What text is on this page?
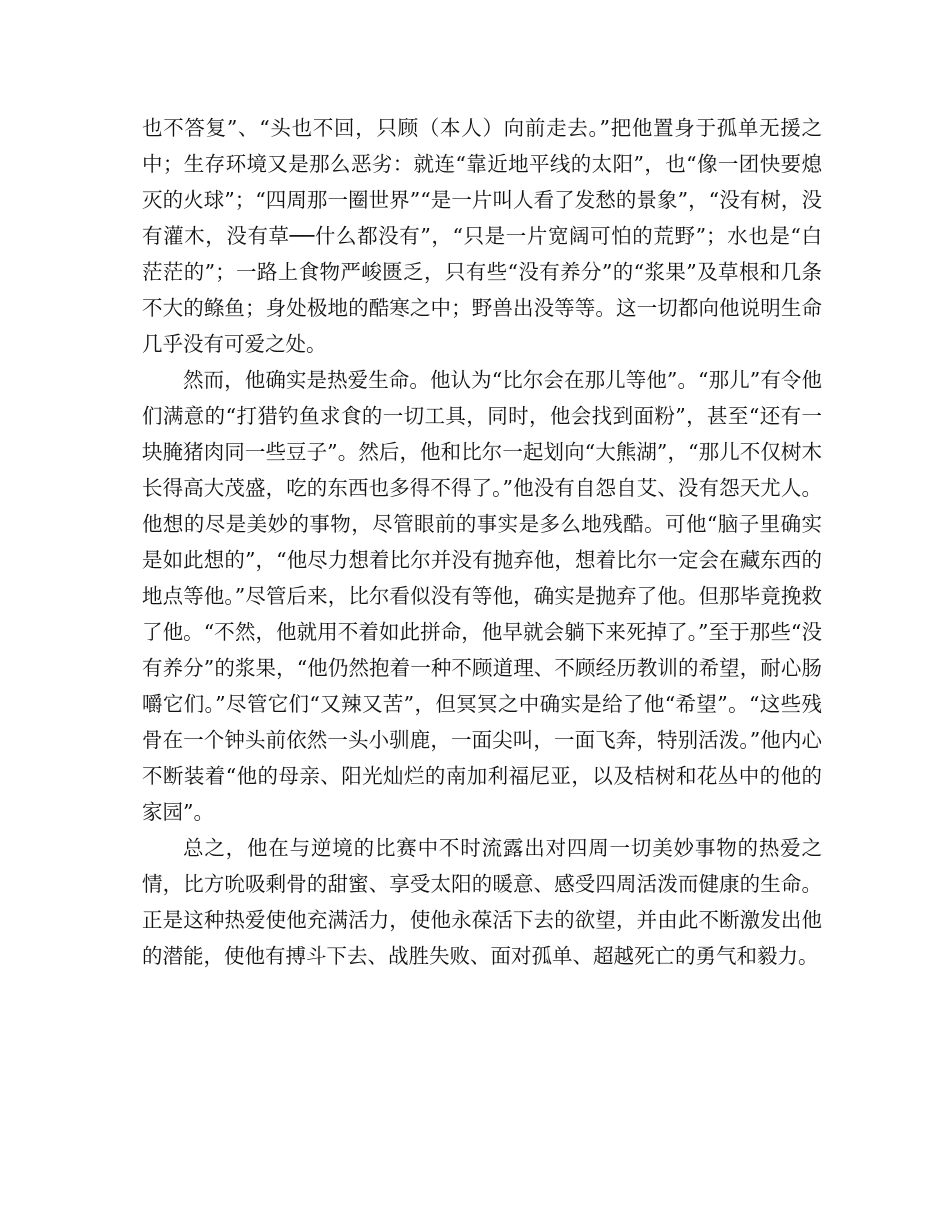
也不答复”、“头也不回，只顾（本人）向前走去。”把他置身于孤单无援之中；生存环境又是那么恶劣：就连“靠近地平线的太阳”，也“像一团快要熄灭的火球”；“四周那一圈世界”“是一片叫人看了发愁的景象”，“没有树，没有灌木，没有草──什么都没有”，“只是一片宽阔可怕的荒野”；水也是“白茫茫的”；一路上食物严峻匮乏，只有些“没有养分”的“浆果”及草根和几条不大的鲦鱼；身处极地的酷寒之中；野兽出没等等。这一切都向他说明生命几乎没有可爱之处。

然而，他确实是热爱生命。他认为“比尔会在那儿等他”。“那儿”有令他们满意的“打猎钓鱼求食的一切工具，同时，他会找到面粉”，甚至“还有一块腌猪肉同一些豆子”。然后，他和比尔一起划向“大熊湖”，“那儿不仅树木长得高大茂盛，吃的东西也多得不得了。”他没有自怨自艾、没有怨天尤人。他想的尽是美妙的事物，尽管眼前的事实是多么地残酷。可他“脑子里确实是如此想的”，“他尽力想着比尔并没有抛弃他，想着比尔一定会在藏东西的地点等他。”尽管后来，比尔看似没有等他，确实是抛弃了他。但那毕竟挽救了他。“不然，他就用不着如此拼命，他早就会躺下来死掉了。”至于那些“没有养分”的浆果，“他仍然抱着一种不顾道理、不顾经历教训的希望，耐心肠嚼它们。”尽管它们“又辣又苦”，但冥冥之中确实是给了他“希望”。“这些残骨在一个钟头前依然一头小驯鹿，一面尖叫，一面飞奔，特别活泼。”他内心不断装着“他的母亲、阳光灿烂的南加利福尼亚，以及桔树和花丛中的他的家园”。

总之，他在与逆境的比赛中不时流露出对四周一切美妙事物的热爱之情，比方吮吸剩骨的甜蜜、享受太阳的暖意、感受四周活泼而健康的生命。正是这种热爱使他充满活力，使他永葆活下去的欲望，并由此不断激发出他的潜能，使他有搏斗下去、战胜失败、面对孤单、超越死亡的勇气和毅力。
